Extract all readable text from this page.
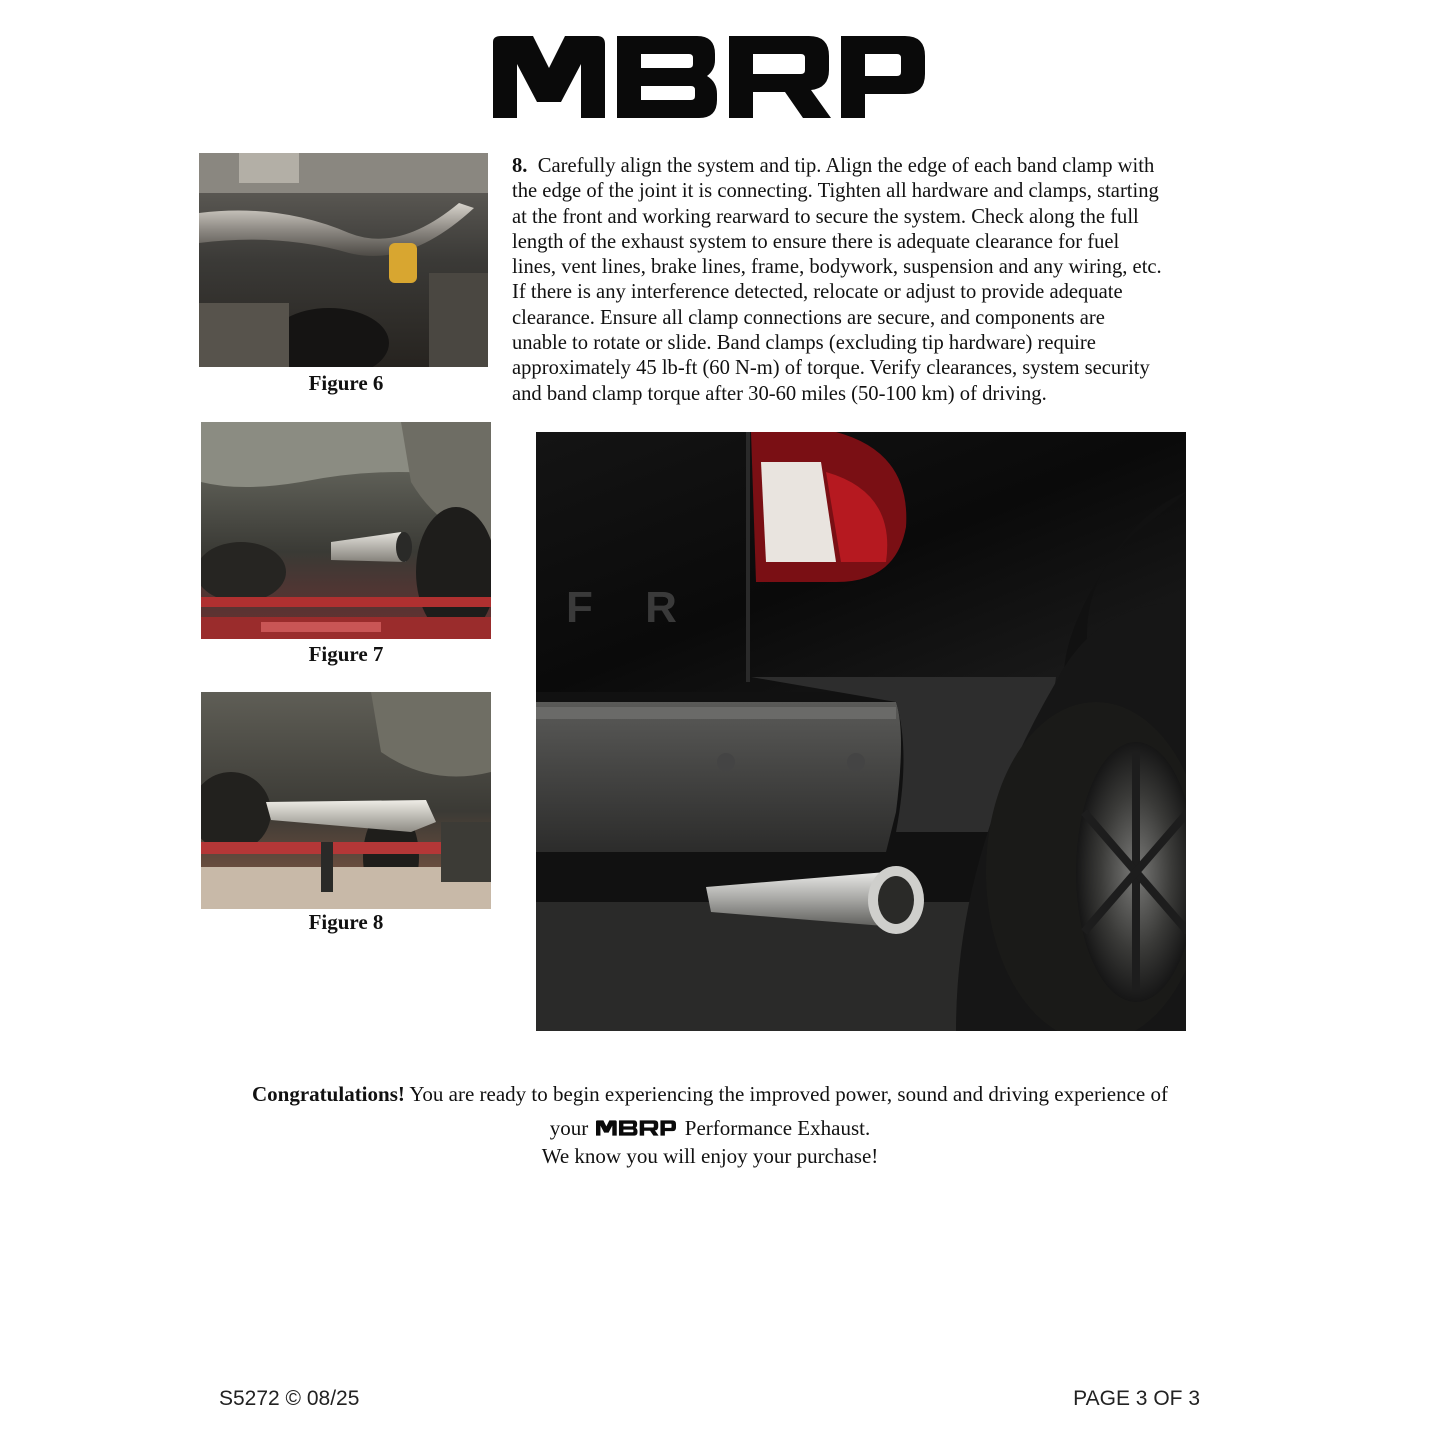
Figure 6
Figure 7
Figure 8

8. Carefully align the system and tip. Align the edge of each band clamp with

the edge of the joint it is connecting. Tighten all hardware and clamps, starting

at the front and working rearward to secure the system. Check along the full

length of the exhaust system to ensure there is adequate clearance for fuel

lines, vent lines, brake lines, frame, bodywork, suspension and any wiring, etc.

If there is any interference detected, relocate or adjust to provide adequate

clearance. Ensure all clamp connections are secure, and components are

unable to rotate or slide. Band clamps (excluding tip hardware) require

approximately 45 lb-ft (60 N-m) of torque. Verify clearances, system security

and band clamp torque after 30-60 miles (50-100 km) of driving.

F R
Congratulations! You are ready to begin experiencing the improved power, sound and driving experience of
your	Performance Exhaust.
We know you will enjoy your purchase!
S5272 © 08/25	PAGE 3 OF 3
